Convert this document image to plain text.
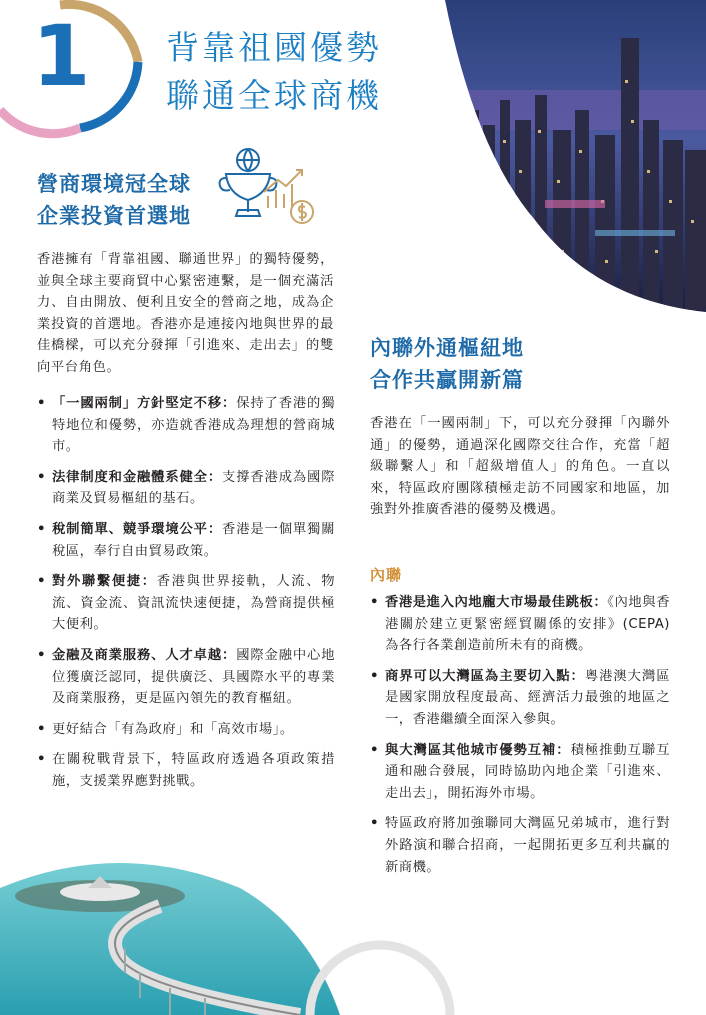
1 背靠祖國優勢
聯通全球商機
營商環境冠全球
企業投資首選地
香港擁有「背靠祖國、聯通世界」的獨特優勢，並與全球主要商貿中心緊密連繫，是一個充滿活力、自由開放、便利且安全的營商之地，成為企業投資的首選地。香港亦是連接內地與世界的最佳橋樑，可以充分發揮「引進來、走出去」的雙向平台角色。
• 「一國兩制」方針堅定不移：保持了香港的獨特地位和優勢，亦造就香港成為理想的營商城市。
• 法律制度和金融體系健全：支撐香港成為國際商業及貿易樞紐的基石。
• 稅制簡單、競爭環境公平：香港是一個單獨關稅區，奉行自由貿易政策。
• 對外聯繫便捷：香港與世界接軌，人流、物流、資金流、資訊流快速便捷，為營商提供極大便利。
• 金融及商業服務、人才卓越：國際金融中心地位獲廣泛認同，提供廣泛、具國際水平的專業及商業服務，更是區內領先的教育樞紐。
• 更好結合「有為政府」和「高效市場」。
• 在關稅戰背景下，特區政府透過各項政策措施，支援業界應對挑戰。
內聯外通樞紐地
合作共贏開新篇
香港在「一國兩制」下，可以充分發揮「內聯外通」的優勢，通過深化國際交往合作，充當「超級聯繫人」和「超級增值人」的角色。一直以來，特區政府團隊積極走訪不同國家和地區，加強對外推廣香港的優勢及機遇。
內聯
• 香港是進入內地龐大市場最佳跳板：《內地與香港關於建立更緊密經貿關係的安排》(CEPA) 為各行各業創造前所未有的商機。
• 商界可以大灣區為主要切入點：粵港澳大灣區是國家開放程度最高、經濟活力最強的地區之一，香港繼續全面深入參與。
• 與大灣區其他城市優勢互補：積極推動互聯互通和融合發展，同時協助內地企業「引進來、走出去」，開拓海外市場。
• 特區政府將加強聯同大灣區兄弟城市，進行對外路演和聯合招商，一起開拓更多互利共贏的新商機。
